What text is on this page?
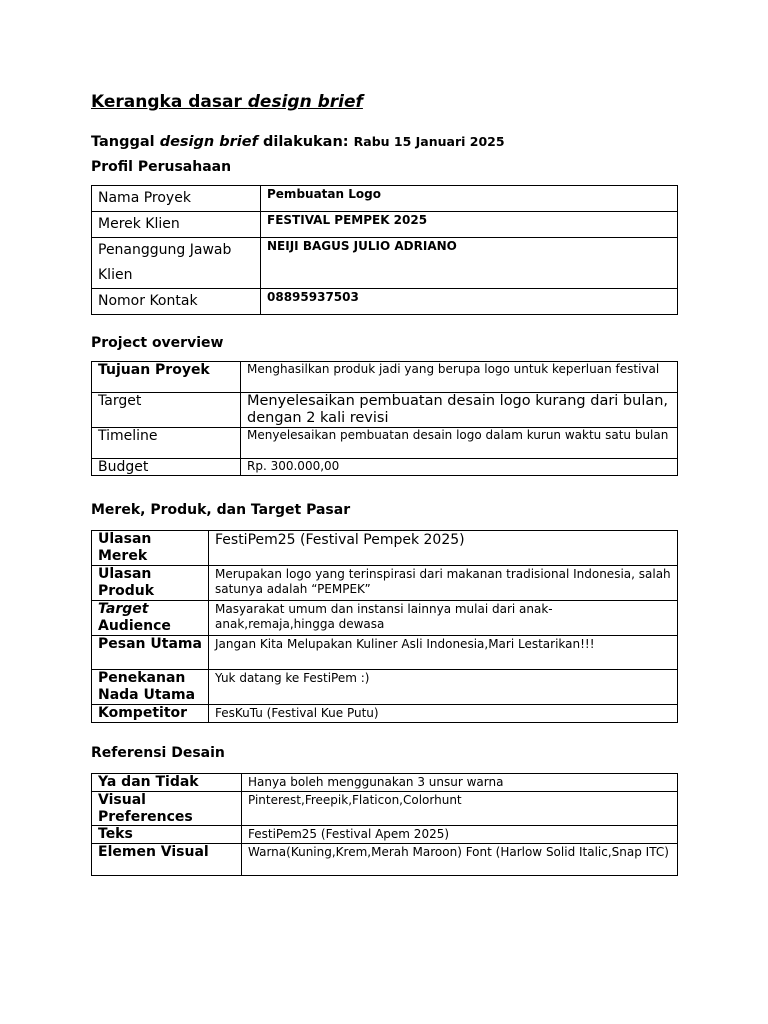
Kerangka dasar design brief
Tanggal design brief dilakukan: Rabu 15 Januari 2025
Profil Perusahaan
Nama Proyek	Pembuatan Logo
Merek Klien	FESTIVAL PEMPEK 2025
Penanggung Jawab Klien	NEIJI BAGUS JULIO ADRIANO
Nomor Kontak	08895937503
Project overview
Tujuan Proyek	Menghasilkan produk jadi yang berupa logo untuk keperluan festival
Target	Menyelesaikan pembuatan desain logo kurang dari bulan, dengan 2 kali revisi
Timeline	Menyelesaikan pembuatan desain logo dalam kurun waktu satu bulan
Budget	Rp. 300.000,00
Merek, Produk, dan Target Pasar
Ulasan Merek	FestiPem25 (Festival Pempek 2025)
Ulasan Produk	Merupakan logo yang terinspirasi dari makanan tradisional Indonesia, salah satunya adalah “PEMPEK”
Target Audience	Masyarakat umum dan instansi lainnya mulai dari anak-anak,remaja,hingga dewasa
Pesan Utama	Jangan Kita Melupakan Kuliner Asli Indonesia,Mari Lestarikan!!!
Penekanan Nada Utama	Yuk datang ke FestiPem :)
Kompetitor	FesKuTu (Festival Kue Putu)
Referensi Desain
Ya dan Tidak	Hanya boleh menggunakan 3 unsur warna
Visual Preferences	Pinterest,Freepik,Flaticon,Colorhunt
Teks	FestiPem25 (Festival Apem 2025)
Elemen Visual	Warna(Kuning,Krem,Merah Maroon) Font (Harlow Solid Italic,Snap ITC)
